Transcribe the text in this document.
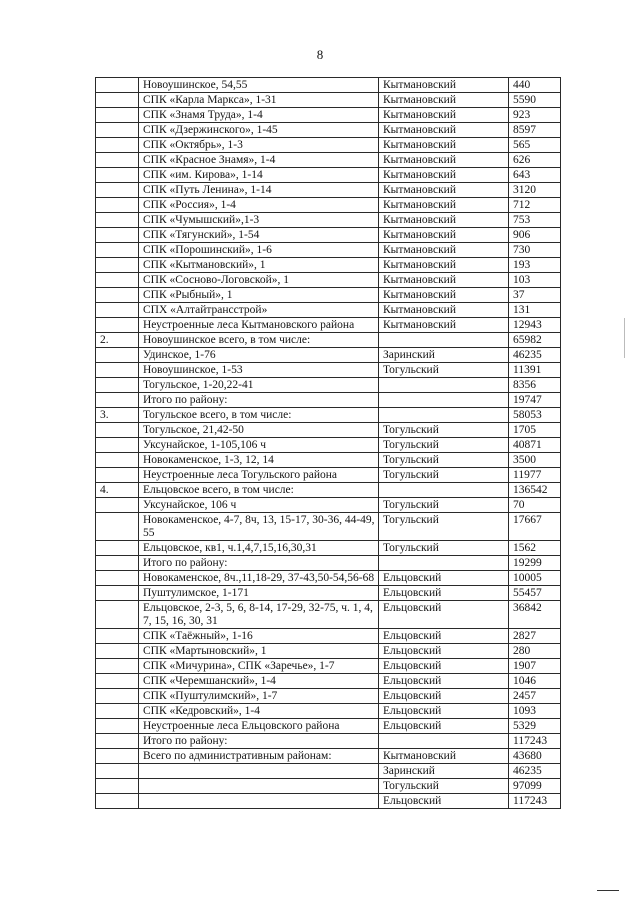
8
	Новоушинское, 54,55	Кытмановский	440
	СПК «Карла Маркса», 1-31	Кытмановский	5590
	СПК «Знамя Труда», 1-4	Кытмановский	923
	СПК «Дзержинского», 1-45	Кытмановский	8597
	СПК «Октябрь», 1-3	Кытмановский	565
	СПК «Красное Знамя», 1-4	Кытмановский	626
	СПК «им. Кирова», 1-14	Кытмановский	643
	СПК «Путь Ленина», 1-14	Кытмановский	3120
	СПК «Россия», 1-4	Кытмановский	712
	СПК «Чумышский»,1-3	Кытмановский	753
	СПК «Тягунский», 1-54	Кытмановский	906
	СПК «Порошинский», 1-6	Кытмановский	730
	СПК «Кытмановский», 1	Кытмановский	193
	СПК «Сосново-Логовской», 1	Кытмановский	103
	СПК «Рыбный», 1	Кытмановский	37
	СПХ «Алтайтрансстрой»	Кытмановский	131
	Неустроенные леса Кытмановского района	Кытмановский	12943
2.	Новоушинское всего, в том числе:		65982
	Удинское, 1-76	Заринский	46235
	Новоушинское, 1-53	Тогульский	11391
	Тогульское, 1-20,22-41		8356
	Итого по району:		19747
3.	Тогульское всего, в том числе:		58053
	Тогульское, 21,42-50	Тогульский	1705
	Уксунайское, 1-105,106 ч	Тогульский	40871
	Новокаменское, 1-3, 12, 14	Тогульский	3500
	Неустроенные леса Тогульского района	Тогульский	11977
4.	Ельцовское всего, в том числе:		136542
	Уксунайское, 106 ч	Тогульский	70
	Новокаменское, 4-7, 8ч, 13, 15-17, 30-36, 44-49, 55	Тогульский	17667
	Ельцовское, кв1, ч.1,4,7,15,16,30,31	Тогульский	1562
	Итого по району:		19299
	Новокаменское, 8ч.,11,18-29, 37-43,50-54,56-68	Ельцовский	10005
	Пуштулимское, 1-171	Ельцовский	55457
	Ельцовское, 2-3, 5, 6, 8-14, 17-29, 32-75, ч. 1, 4, 7, 15, 16, 30, 31	Ельцовский	36842
	СПК «Таёжный», 1-16	Ельцовский	2827
	СПК «Мартыновский», 1	Ельцовский	280
	СПК «Мичурина», СПК «Заречье», 1-7	Ельцовский	1907
	СПК «Черемшанский», 1-4	Ельцовский	1046
	СПК «Пуштулимский», 1-7	Ельцовский	2457
	СПК «Кедровский», 1-4	Ельцовский	1093
	Неустроенные леса Ельцовского района	Ельцовский	5329
	Итого по району:		117243
	Всего по административным районам:	Кытмановский	43680
		Заринский	46235
		Тогульский	97099
		Ельцовский	117243
